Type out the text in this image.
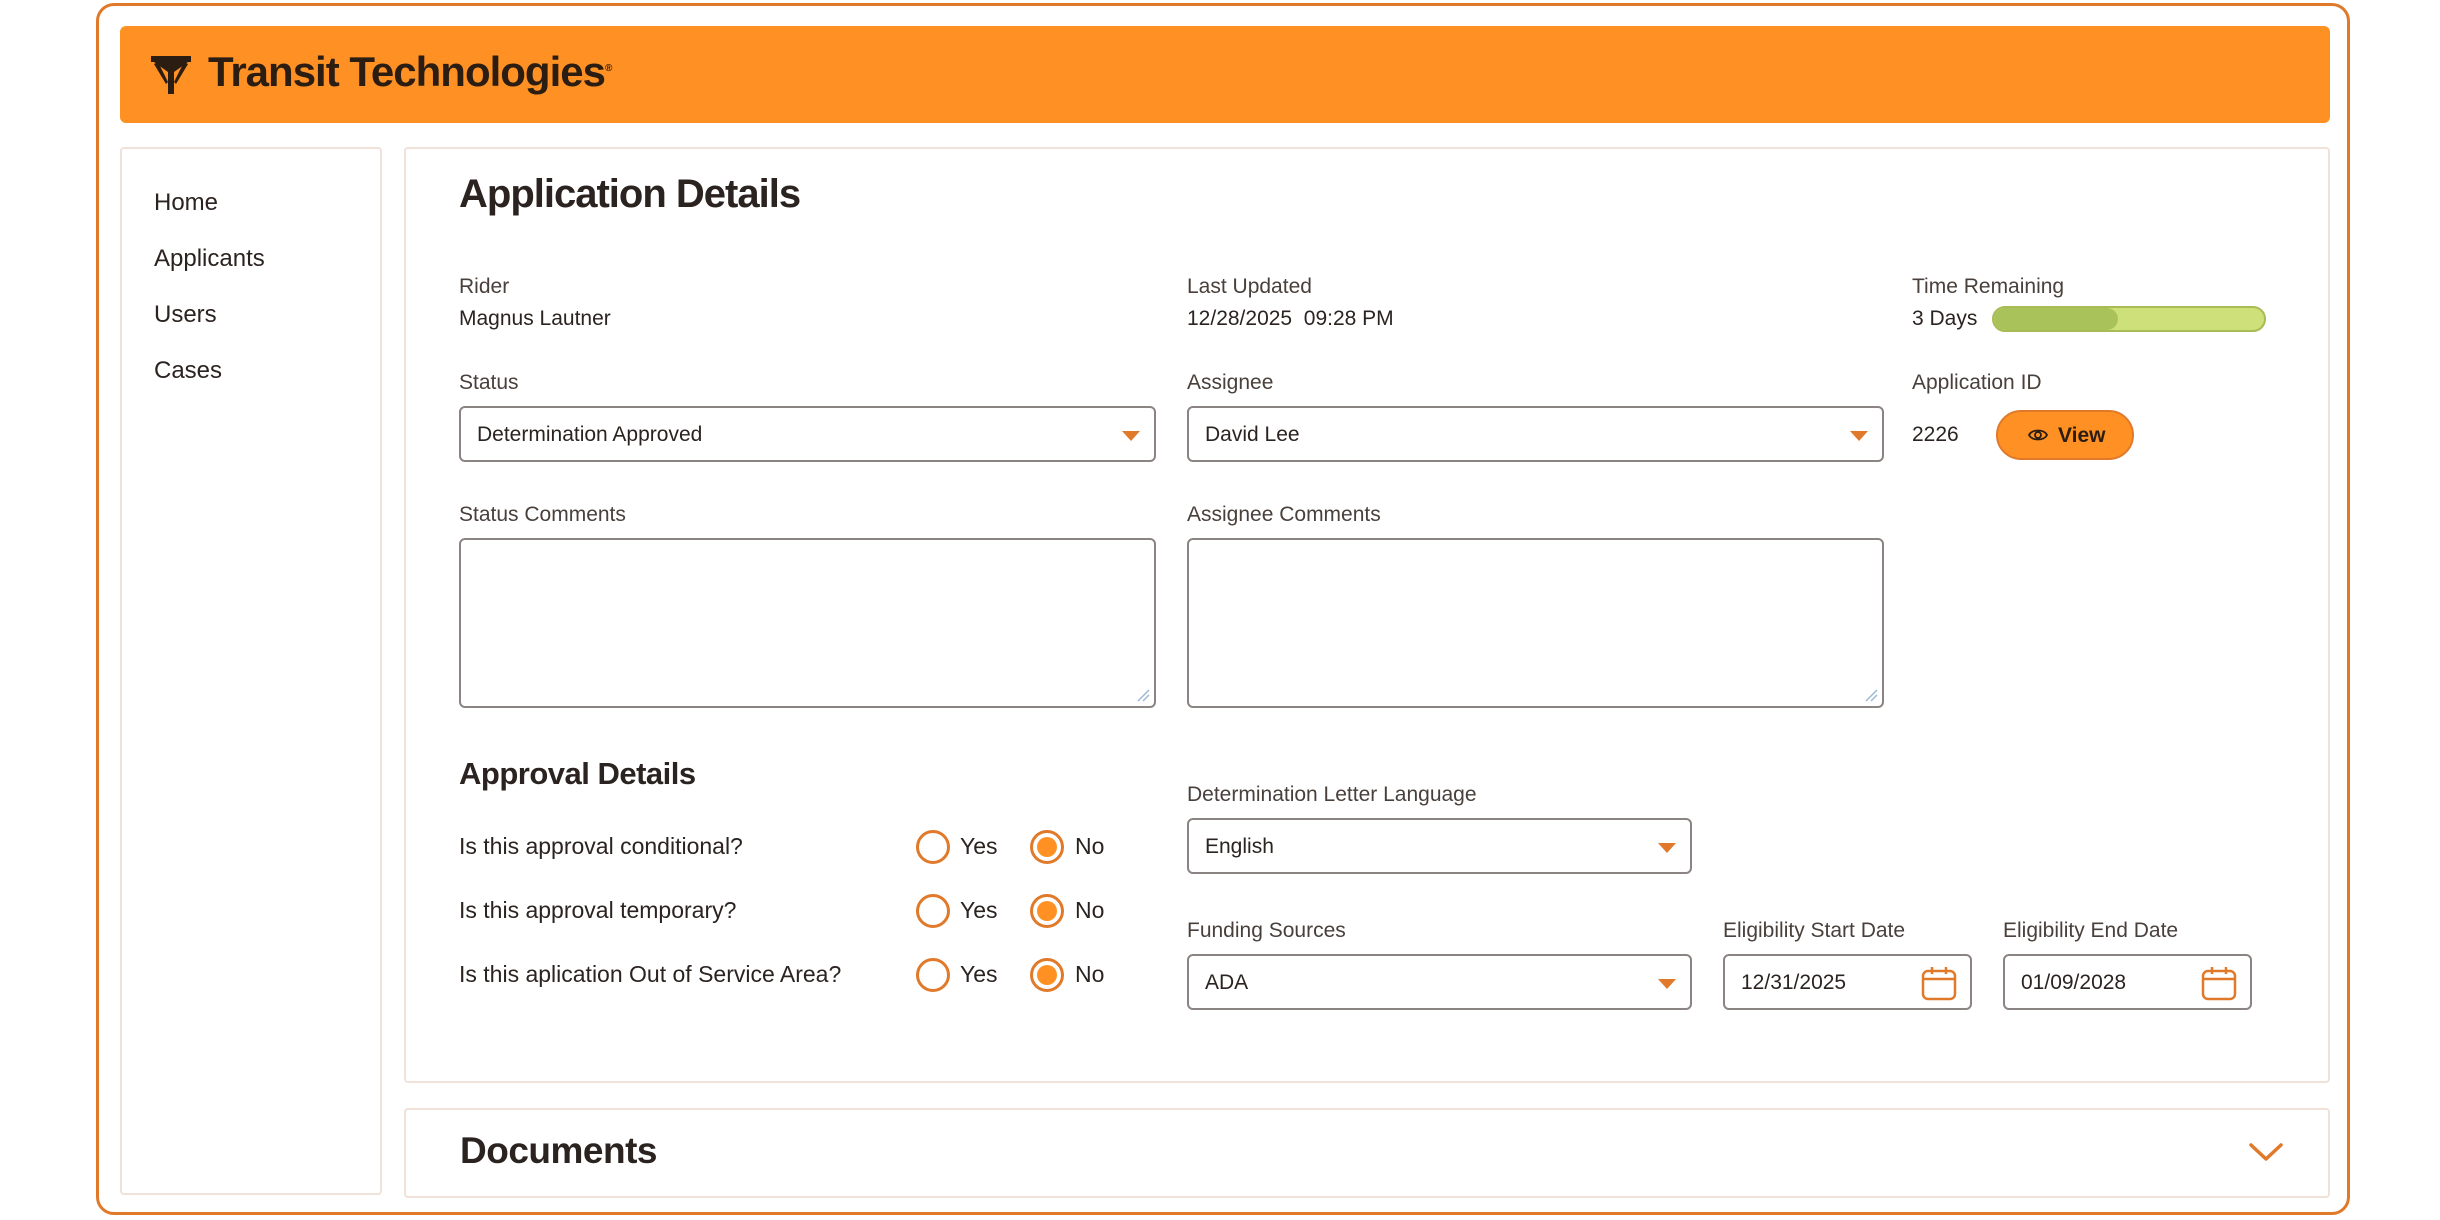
Transit Technologies®
Home
Applicants
Users
Cases
Application Details
Rider
Magnus Lautner
Last Updated
12/28/2025  09:28 PM
Time Remaining
3 Days
Status
Determination Approved
Assignee
David Lee
Application ID
2226	View
Status Comments	Assignee Comments
Approval Details
Is this approval conditional?	Yes	No
Is this approval temporary?	Yes	No
Is this aplication Out of Service Area?	Yes	No
Determination Letter Language
English
Funding Sources
ADA
Eligibility Start Date
12/31/2025
Eligibility End Date
01/09/2028
Documents
